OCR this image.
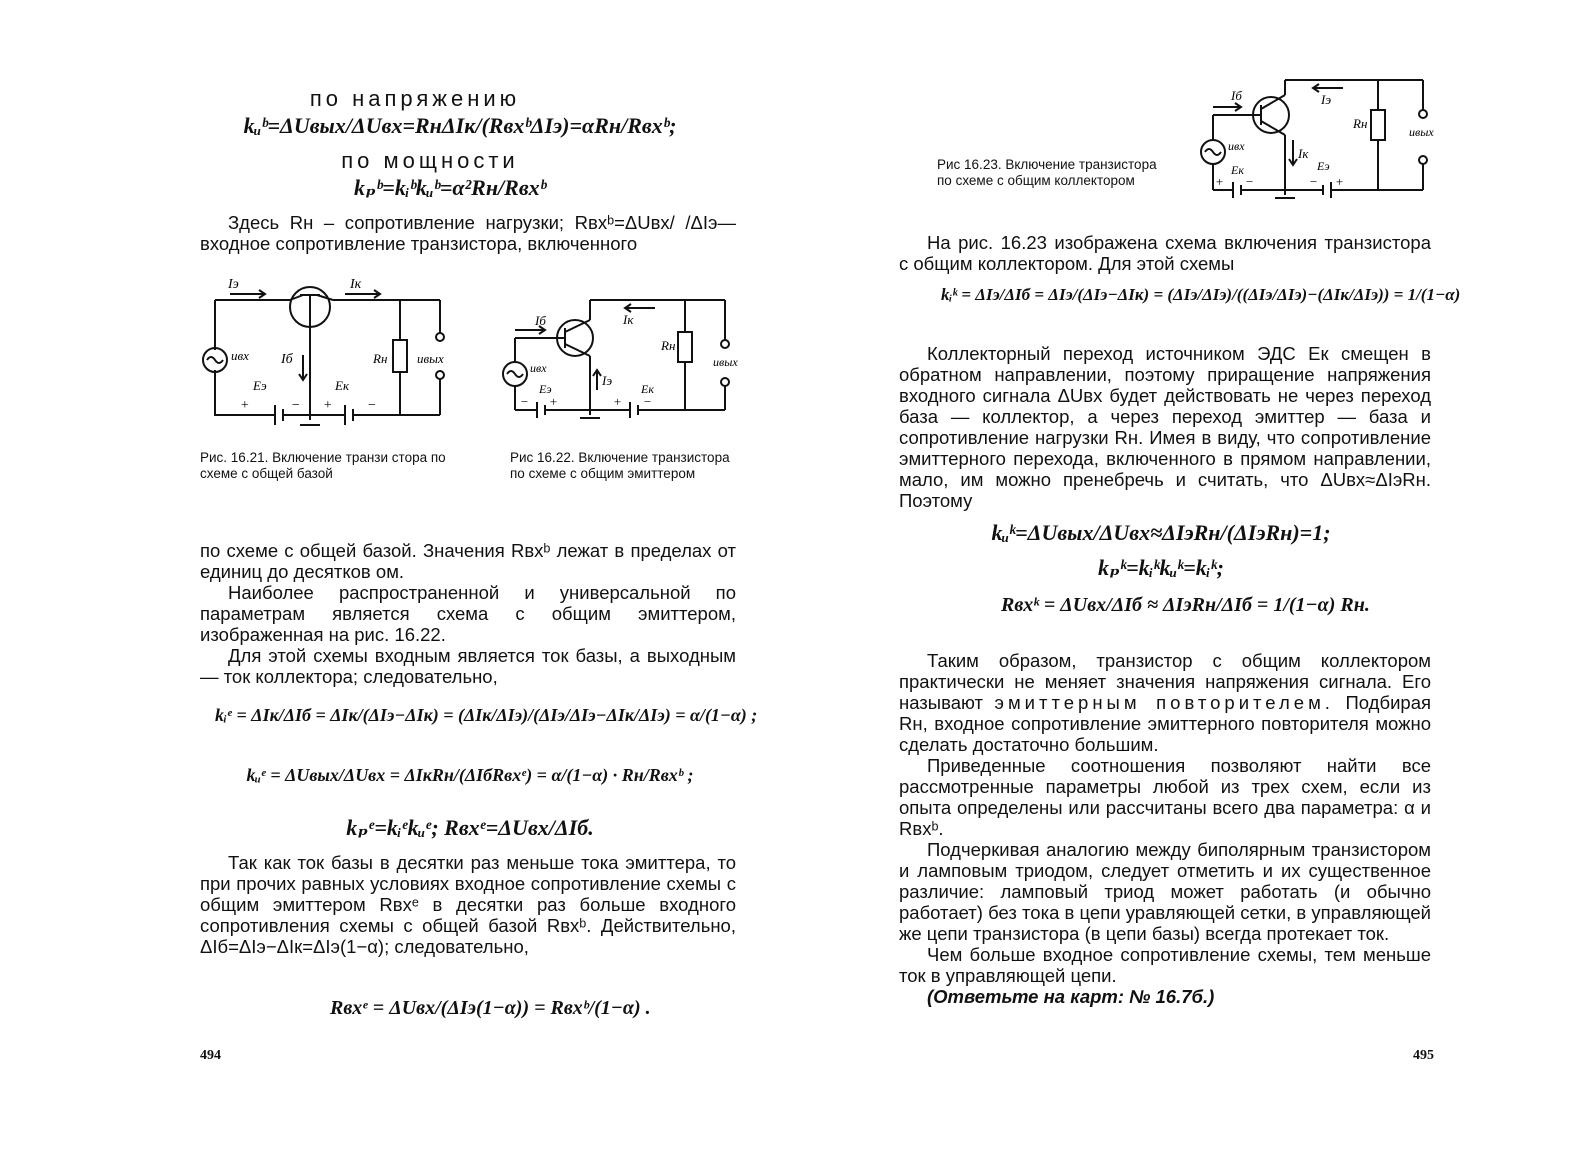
по напряжению
kᵤᵇ=ΔUвых/ΔUвх=RнΔIк/(RвхᵇΔIэ)=αRн/Rвхᵇ;
по мощности
kₚᵇ=kᵢᵇkᵤᵇ=α²Rн/Rвхᵇ

Здесь Rн – сопротивление нагрузки; Rвхᵇ=ΔUвх/ /ΔIэ—входное сопротивление транзистора, включенного

Iэ	Iк
Iб
uвх	Rн uвых
Eэ	Eк
+	− + −
Iб	Iк
Iэ
uвх
Rн
uвых
Eэ	Eк
− +	+ −
Рис. 16.21. Включение транзи стора по схеме с общей базой
Рис 16.22. Включение транзистора по схеме с общим эмиттером

по схеме с общей базой. Значения Rвхᵇ лежат в пределах от единиц до десятков ом.

Наиболее распространенной и универсальной по параметрам является схема с общим эмиттером, изображенная на рис. 16.22.

Для этой схемы входным является ток базы, а выходным — ток коллектора; следовательно,

kᵢᵉ = ΔIк/ΔIб = ΔIк/(ΔIэ−ΔIк) = (ΔIк/ΔIэ)/(ΔIэ/ΔIэ−ΔIк/ΔIэ) = α/(1−α) ;
kᵤᵉ = ΔUвых/ΔUвх = ΔIкRн/(ΔIбRвхᵉ) = α/(1−α) · Rн/Rвхᵇ ;
kₚᵉ=kᵢᵉkᵤᵉ; Rвхᵉ=ΔUвх/ΔIб.

Так как ток базы в десятки раз меньше тока эмиттера, то при прочих равных условиях входное сопротивление схемы с общим эмиттером Rвхᵉ в десятки раз больше входного сопротивления схемы с общей базой Rвхᵇ. Действительно, ΔIб=ΔIэ−ΔIк=ΔIэ(1−α); следовательно,

Rвхᵉ = ΔUвх/(ΔIэ(1−α)) = Rвхᵇ/(1−α) .
494
Рис 16.23. Включение транзистора по схеме с общим коллектором
Iб	Iэ
Iк
uвх
Rн
uвых
Eк	Eэ
+ −	− +

На рис. 16.23 изображена схема включения транзистора с общим коллектором. Для этой схемы

kᵢᵏ = ΔIэ/ΔIб = ΔIэ/(ΔIэ−ΔIк) = (ΔIэ/ΔIэ)/((ΔIэ/ΔIэ)−(ΔIк/ΔIэ)) = 1/(1−α)

Коллекторный переход источником ЭДС Eк смещен в обратном направлении, поэтому приращение напряжения входного сигнала ΔUвх будет действовать не через переход база — коллектор, а через переход эмиттер — база и сопротивление нагрузки Rн. Имея в виду, что сопротивление эмиттерного перехода, включенного в прямом направлении, мало, им можно пренебречь и считать, что ΔUвх≈ΔIэRн. Поэтому

kᵤᵏ=ΔUвых/ΔUвх≈ΔIэRн/(ΔIэRн)=1;
kₚᵏ=kᵢᵏkᵤᵏ=kᵢᵏ;
Rвхᵏ = ΔUвх/ΔIб ≈ ΔIэRн/ΔIб = 1/(1−α) Rн.

Таким образом, транзистор с общим коллектором практически не меняет значения напряжения сигнала. Его называют эмиттерным повторителем. Подбирая Rн, входное сопротивление эмиттерного повторителя можно сделать достаточно большим.

Приведенные соотношения позволяют найти все рассмотренные параметры любой из трех схем, если из опыта определены или рассчитаны всего два параметра: α и Rвхᵇ.

Подчеркивая аналогию между биполярным транзистором и ламповым триодом, следует отметить и их существенное различие: ламповый триод может работать (и обычно работает) без тока в цепи уравляющей сетки, в управляющей же цепи транзистора (в цепи базы) всегда протекает ток.

Чем больше входное сопротивление схемы, тем меньше ток в управляющей цепи.

(Ответьте на карт: № 16.7б.)

495
